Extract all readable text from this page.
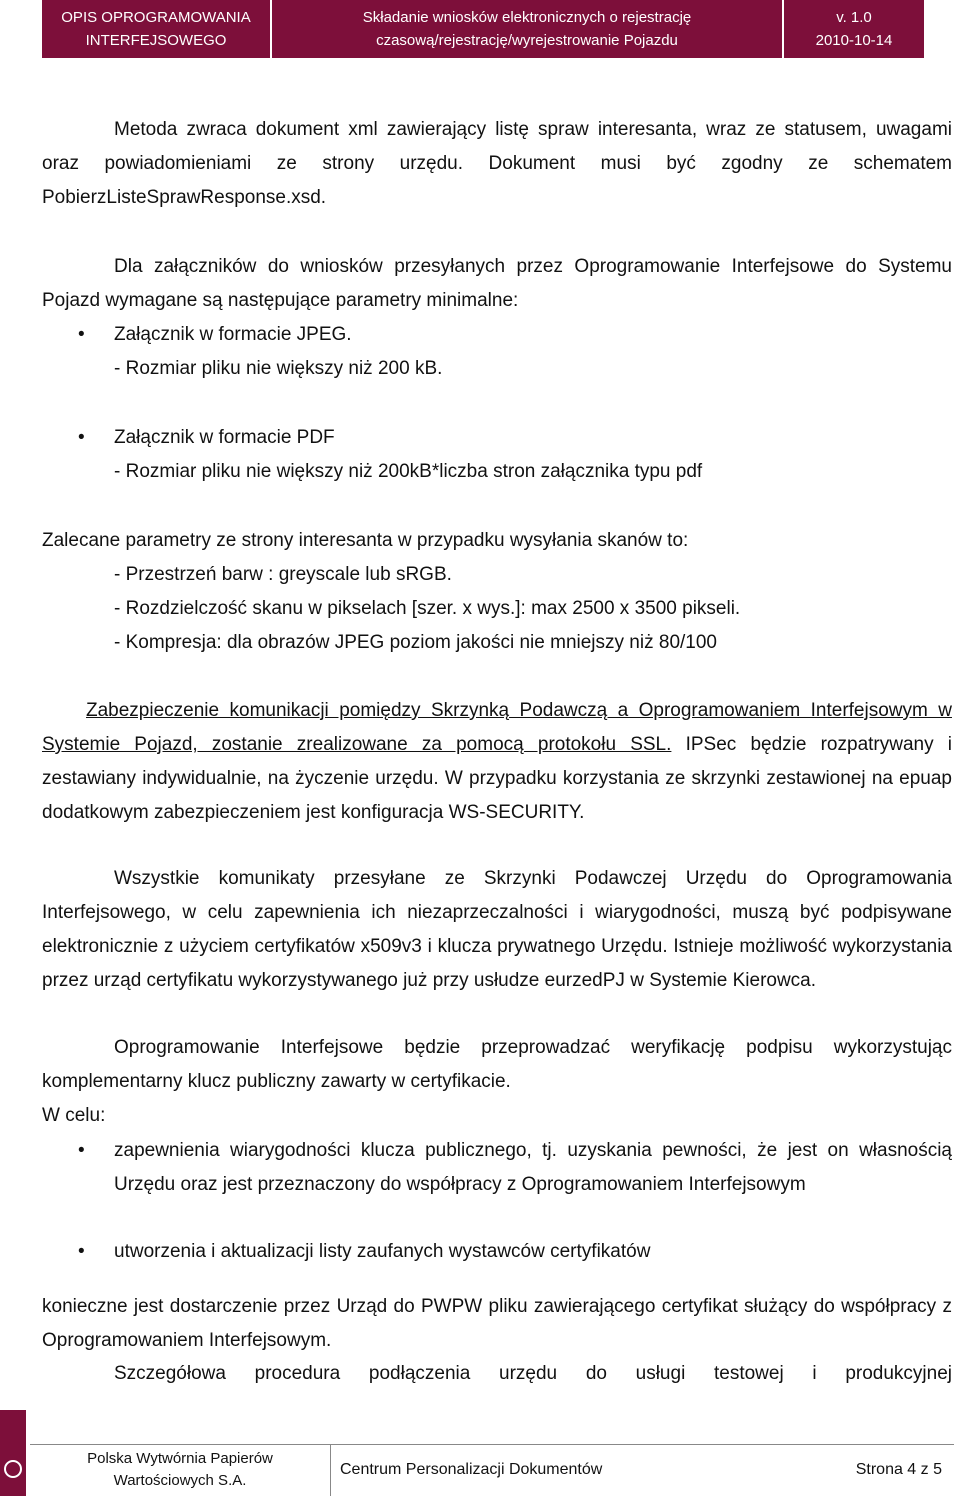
OPIS OPROGRAMOWANIA
INTERFEJSOWEGO
Składanie wniosków elektronicznych o rejestrację
czasową/rejestrację/wyrejestrowanie Pojazdu
v. 1.0
2010-10-14

Metoda zwraca dokument xml zawierający listę spraw interesanta, wraz ze statusem, uwagami oraz powiadomieniami ze strony urzędu. Dokument musi być zgodny ze schematem PobierzListeSprawResponse.xsd.

Dla załączników do wniosków przesyłanych przez Oprogramowanie Interfejsowe do Systemu Pojazd wymagane są następujące parametry minimalne:

• Załącznik w formacie JPEG.
- Rozmiar pliku nie większy niż 200 kB.
• Załącznik w formacie PDF
- Rozmiar pliku nie większy niż 200kB*liczba stron załącznika typu pdf
Zalecane parametry ze strony interesanta w przypadku wysyłania skanów to:
- Przestrzeń barw : greyscale lub sRGB.
- Rozdzielczość skanu w pikselach [szer. x wys.]: max 2500 x 3500 pikseli.
- Kompresja: dla obrazów JPEG poziom jakości nie mniejszy niż 80/100

Zabezpieczenie komunikacji pomiędzy Skrzynką Podawczą a Oprogramowaniem Interfejsowym w Systemie Pojazd, zostanie zrealizowane za pomocą protokołu SSL. IPSec będzie rozpatrywany i zestawiany indywidualnie, na życzenie urzędu. W przypadku korzystania ze skrzynki zestawionej na epuap dodatkowym zabezpieczeniem jest konfiguracja WS-SECURITY.

Wszystkie komunikaty przesyłane ze Skrzynki Podawczej Urzędu do Oprogramowania Interfejsowego, w celu zapewnienia ich niezaprzeczalności i wiarygodności, muszą być podpisywane elektronicznie z użyciem certyfikatów x509v3 i klucza prywatnego Urzędu. Istnieje możliwość wykorzystania przez urząd certyfikatu wykorzystywanego już przy usłudze eurzedPJ w Systemie Kierowca.

Oprogramowanie Interfejsowe będzie przeprowadzać weryfikację podpisu wykorzystując komplementarny klucz publiczny zawarty w certyfikacie.

W celu:
• zapewnienia wiarygodności klucza publicznego, tj. uzyskania pewności, że jest on własnością Urzędu oraz jest przeznaczony do współpracy z Oprogramowaniem Interfejsowym

• utworzenia i aktualizacji listy zaufanych wystawców certyfikatów

konieczne jest dostarczenie przez Urząd do PWPW pliku zawierającego certyfikat służący do współpracy z Oprogramowaniem Interfejsowym.

Szczegółowa procedura podłączenia urzędu do usługi testowej i produkcyjnej

Polska Wytwórnia Papierów
Wartościowych S.A.
Centrum Personalizacji Dokumentów	Strona 4 z 5
